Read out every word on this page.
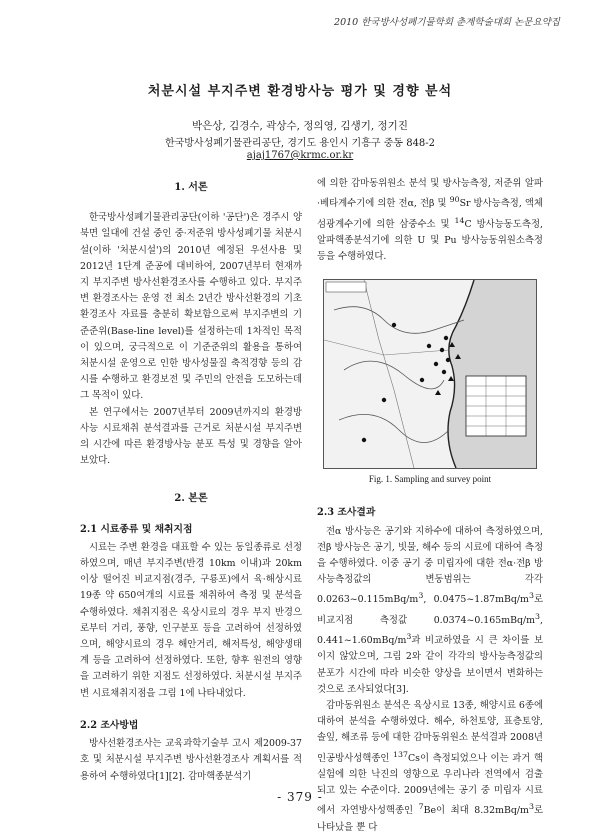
2010 한국방사성폐기물학회 춘계학술대회 논문요약집
처분시설 부지주변 환경방사능 평가 및 경향 분석
박은상, 김경수, 곽상수, 정의영, 김생기, 정기진
한국방사성폐기물관리공단, 경기도 용인시 기흥구 중동 848-2
ajaj1767@krmc.or.kr
1. 서론

한국방사성폐기물관리공단(이하 '공단')은 경주시 양북면 일대에 건설 중인 중·저준위 방사성폐기물 처분시설(이하 '처분시설')의 2010년 예정된 우선사용 및 2012년 1단계 준공에 대비하여, 2007년부터 현재까지 부지주변 방사선환경조사를 수행하고 있다. 부지주변 환경조사는 운영 전 최소 2년간 방사선환경의 기초 환경조사 자료를 충분히 확보함으로써 부지주변의 기준준위(Base-line level)를 설정하는데 1차적인 목적이 있으며, 궁극적으로 이 기준준위의 활용을 통하여 처분시설 운영으로 인한 방사성물질 축적경향 등의 감시를 수행하고 환경보전 및 주민의 안전을 도모하는데 그 목적이 있다.

본 연구에서는 2007년부터 2009년까지의 환경방사능 시료채취 분석결과를 근거로 처분시설 부지주변의 시간에 따른 환경방사능 분포 특성 및 경향을 알아보았다.

2. 본론
2.1 시료종류 및 채취지점

시료는 주변 환경을 대표할 수 있는 동일종류로 선정하였으며, 매년 부지주변(반경 10km 이내)과 20km 이상 떨어진 비교지점(경주, 구룡포)에서 육·해상시료 19종 약 650여개의 시료를 채취하여 측정 및 분석을 수행하였다. 채취지점은 육상시료의 경우 부지 반경으로부터 거리, 풍향, 인구분포 등을 고려하여 선정하였으며, 해양시료의 경우 해안거리, 해저특성, 해양생태계 등을 고려하여 선정하였다. 또한, 향후 원전의 영향을 고려하기 위한 지점도 선정하였다. 처분시설 부지주변 시료채취지점을 그림 1에 나타내었다.

2.2 조사방법

방사선환경조사는 교육과학기술부 고시 제2009-37호 및 처분시설 부지주변 방사선환경조사 계획서를 적용하여 수행하였다[1][2]. 감마핵종분석기

에 의한 감마동위원소 분석 및 방사능측정, 저준위 알파·베타계수기에 의한 전α, 전β 및 $^{90}$Sr 방사능측정, 액체섬광계수기에 의한 삼중수소 및 $^{14}$C 방사능동도측정, 알파핵종분석기에 의한 U 및 Pu 방사능동위원소측정 등을 수행하였다.

Fig. 1. Sampling and survey point
2.3 조사결과

전α 방사능은 공기와 지하수에 대하여 측정하였으며, 전β 방사능은 공기, 빗물, 해수 등의 시료에 대하여 측정을 수행하였다. 이중 공기 중 미립자에 대한 전α·전β 방사능측정값의 변동범위는 각각 $0.0263\sim 0.115mBq/m^3$, $0.0475\sim 1.87mBq/m^3$로 비교지점 측정값 $0.0374\sim 0.165mBq/m^3$, $0.441\sim 1.60mBq/m^3$과 비교하였을 시 큰 차이를 보이지 않았으며, 그림 2와 같이 각각의 방사능측정값의 분포가 시간에 따라 비슷한 양상을 보이면서 변화하는 것으로 조사되었다[3].

감마동위원소 분석은 육상시료 13종, 해양시료 6종에 대하여 분석을 수행하였다. 해수, 하천토양, 표층토양, 솔잎, 해조류 등에 대한 감마동위원소 분석결과 2008년 인공방사성핵종인 $^{137}$Cs이 측정되었으나 이는 과거 핵실험에 의한 낙진의 영향으로 우리나라 전역에서 검출되고 있는 수준이다. 2009년에는 공기 중 미립자 시료에서 자연방사성핵종인 $^7$Be이 최대 $8.32mBq/m^3$로 나타났을 뿐 다

- 379 -
